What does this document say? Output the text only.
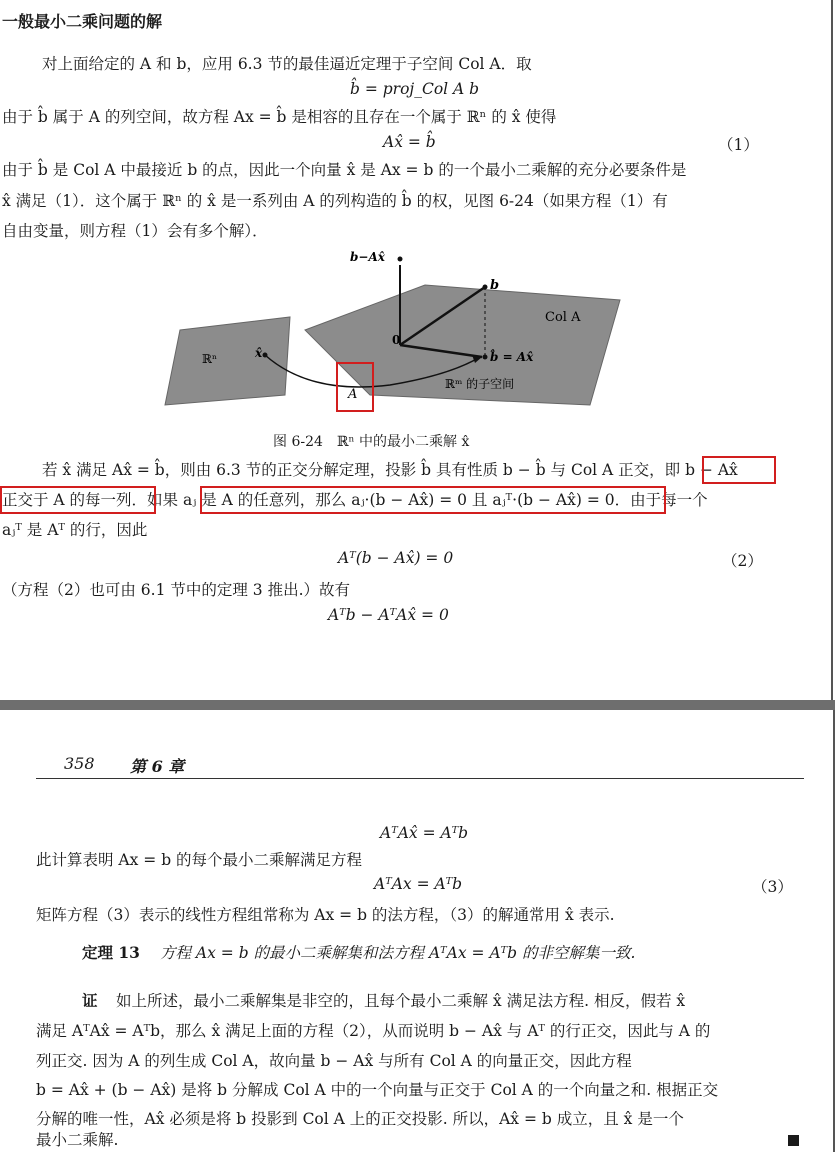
一般最小二乘问题的解
对上面给定的 A 和 b，应用 6.3 节的最佳逼近定理于子空间 Col A．取
b̂ = proj_Col A b
由于 b̂ 属于 A 的列空间，故方程 Ax = b̂ 是相容的且存在一个属于 ℝⁿ 的 x̂ 使得
Ax̂ = b̂	（1）
由于 b̂ 是 Col A 中最接近 b 的点，因此一个向量 x̂ 是 Ax = b 的一个最小二乘解的充分必要条件是
x̂ 满足（1）．这个属于 ℝⁿ 的 x̂ 是一系列由 A 的列构造的 b̂ 的权，见图 6-24（如果方程（1）有
自由变量，则方程（1）会有多个解）．
b−Ax̂
b
Col A
0
ℝⁿ	x̂	b̂ = Ax̂
A
ℝᵐ 的子空间
图 6-24　ℝⁿ 中的最小二乘解 x̂
若 x̂ 满足 Ax̂ = b̂，则由 6.3 节的正交分解定理，投影 b̂ 具有性质 b − b̂ 与 Col A 正交，即 b − Ax̂
正交于 A 的每一列．如果 aⱼ 是 A 的任意列，那么 aⱼ·(b − Ax̂) = 0 且 aⱼᵀ·(b − Ax̂) = 0．由于每一个
aⱼᵀ 是 Aᵀ 的行，因此
Aᵀ(b − Ax̂) = 0	（2）
（方程（2）也可由 6.1 节中的定理 3 推出.）故有
Aᵀb − AᵀAx̂ = 0
358 第 6 章
AᵀAx̂ = Aᵀb
此计算表明 Ax = b 的每个最小二乘解满足方程
AᵀAx = Aᵀb	（3）
矩阵方程（3）表示的线性方程组常称为 Ax = b 的法方程，（3）的解通常用 x̂ 表示.
定理 13 方程 Ax = b 的最小二乘解集和法方程 AᵀAx = Aᵀb 的非空解集一致.
证 如上所述，最小二乘解集是非空的，且每个最小二乘解 x̂ 满足法方程. 相反，假若 x̂
满足 AᵀAx̂ = Aᵀb，那么 x̂ 满足上面的方程（2），从而说明 b − Ax̂ 与 Aᵀ 的行正交，因此与 A 的
列正交. 因为 A 的列生成 Col A，故向量 b − Ax̂ 与所有 Col A 的向量正交，因此方程
b = Ax̂ + (b − Ax̂) 是将 b 分解成 Col A 中的一个向量与正交于 Col A 的一个向量之和. 根据正交
分解的唯一性，Ax̂ 必须是将 b 投影到 Col A 上的正交投影. 所以，Ax̂ = b 成立，且 x̂ 是一个
最小二乘解.
